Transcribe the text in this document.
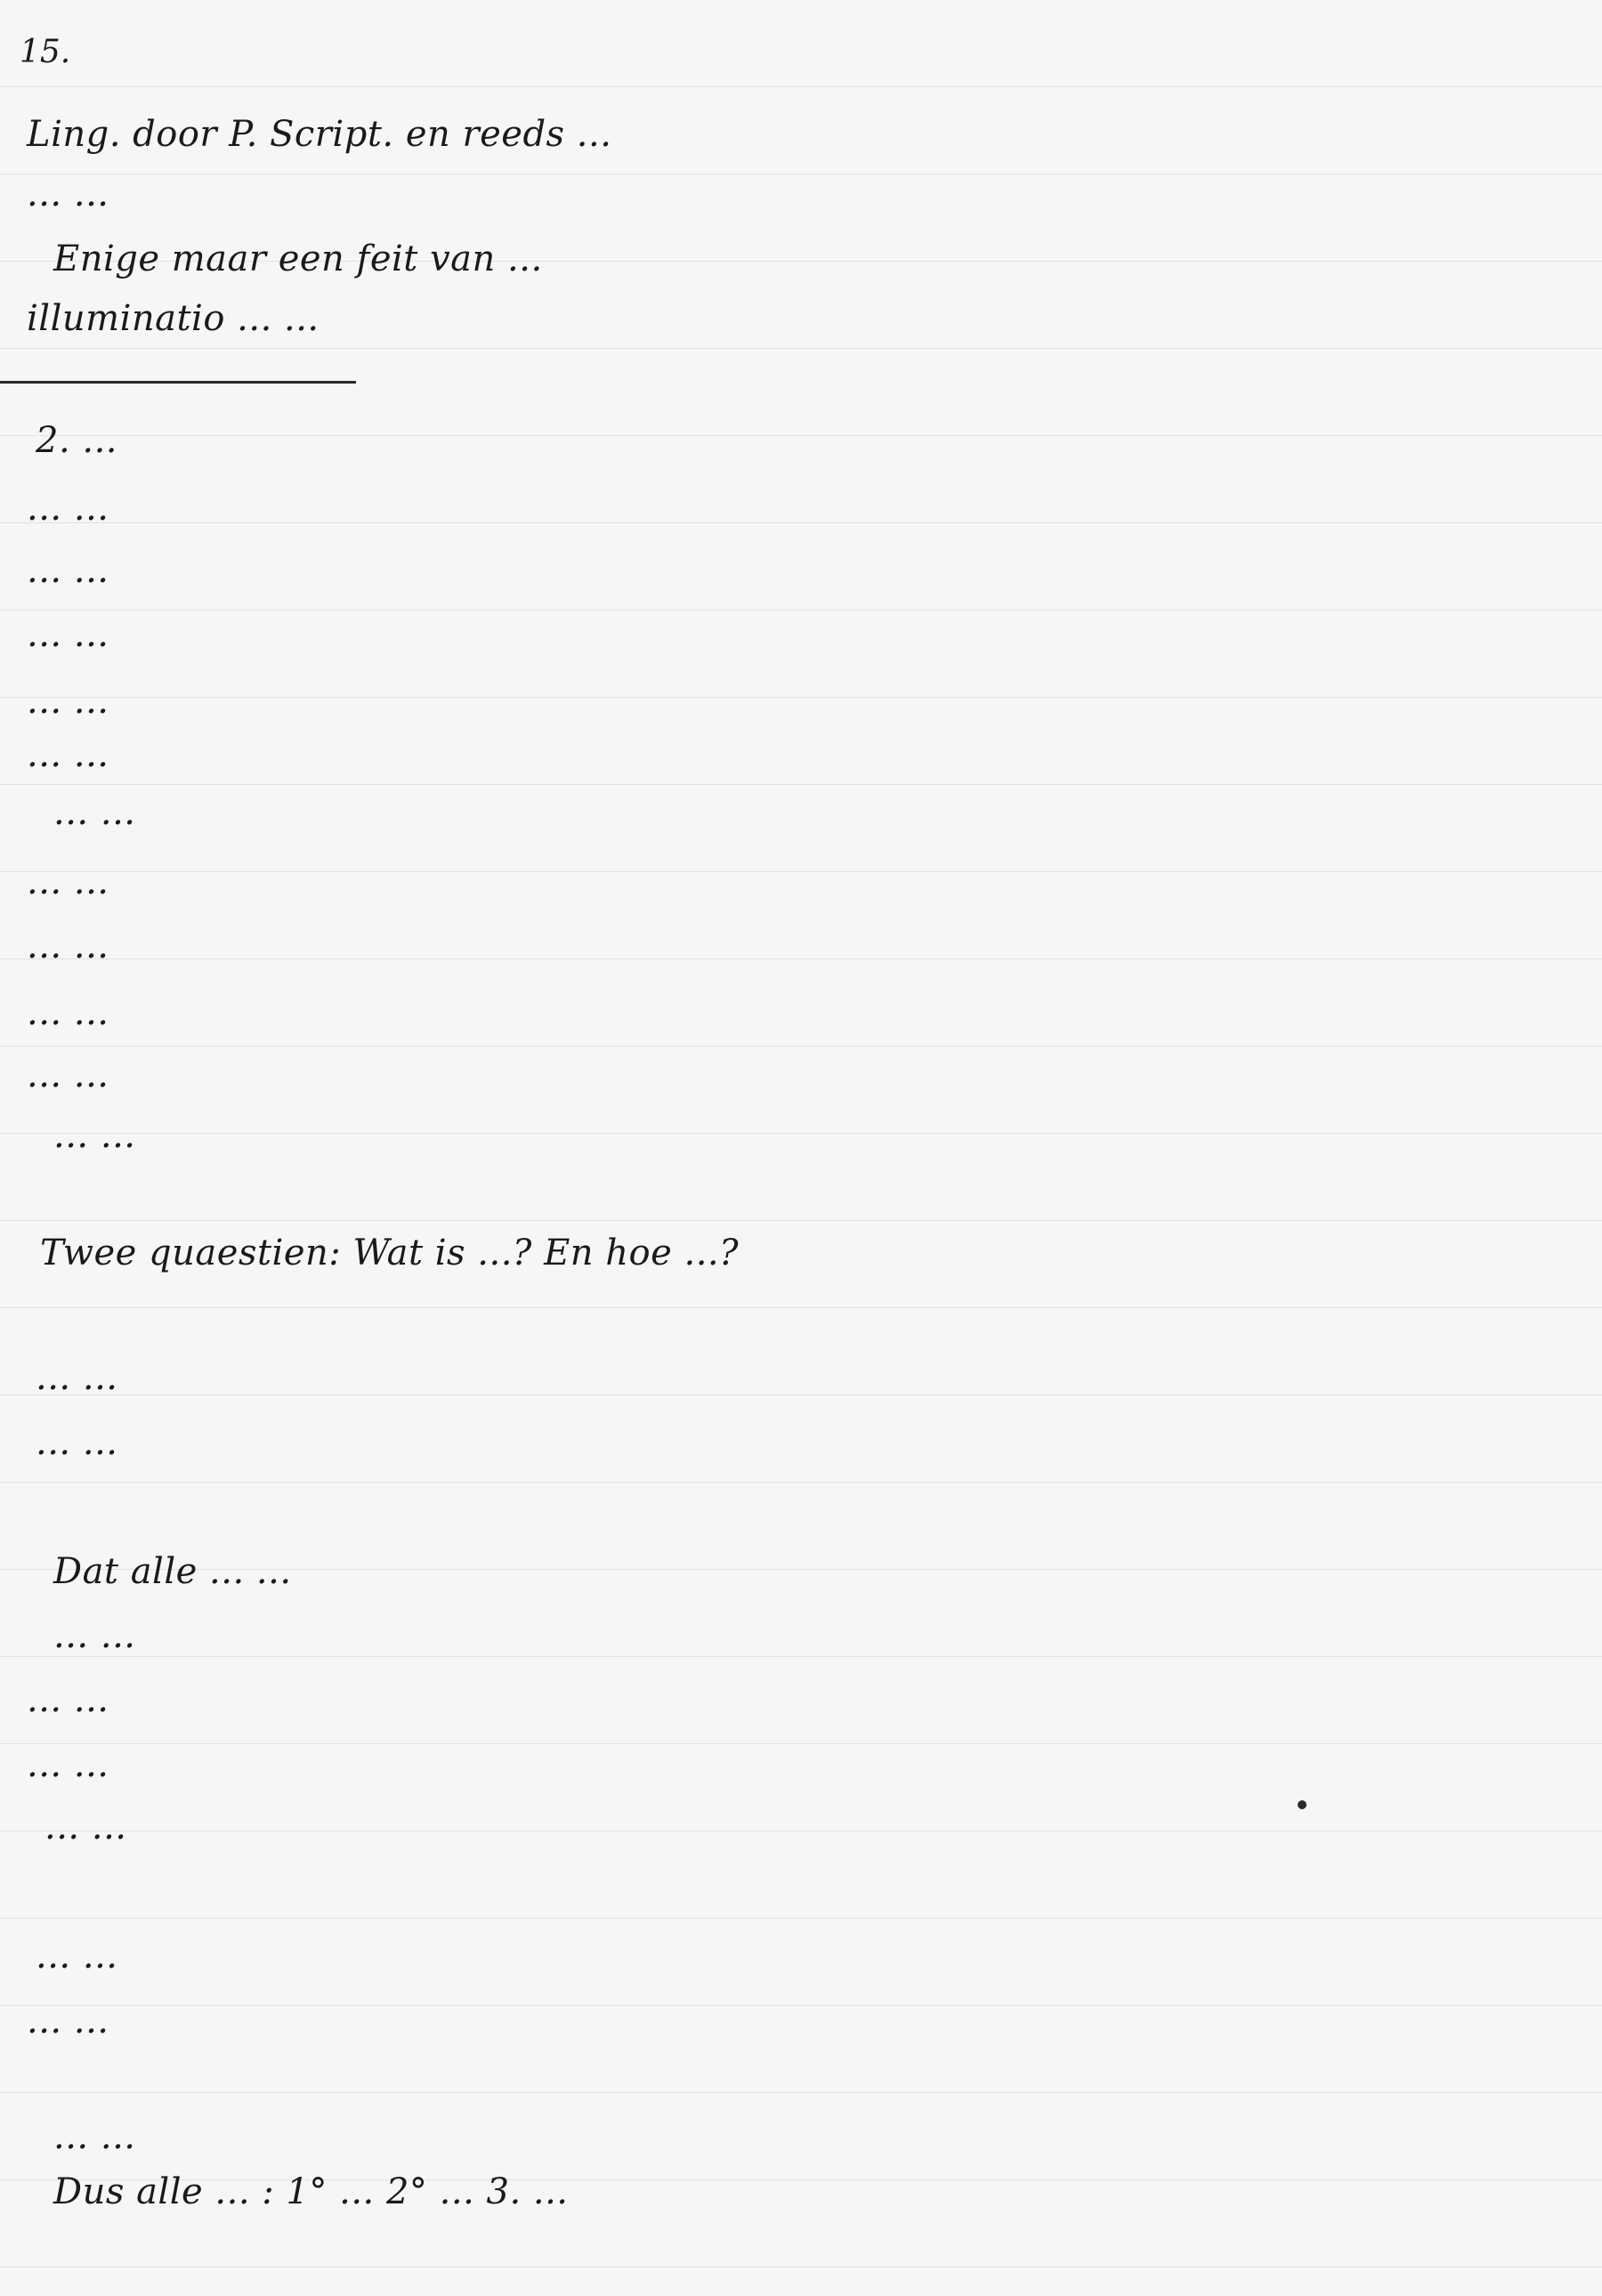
15.

Ling. door P. Script. en reeds ...

... ...

Enige maar een feit van ...

illuminatio ... ...

2. ...

... ...

... ...

... ...

... ...

... ...

... ...

... ...

... ...

... ...

... ...

... ...

Twee quaestien: Wat is ...? En hoe ...?

... ...

... ...

Dat alle ... ...

... ...

... ...

... ...

... ...

... ...

... ...

... ...

Dus alle ... : 1° ... 2° ... 3. ...
